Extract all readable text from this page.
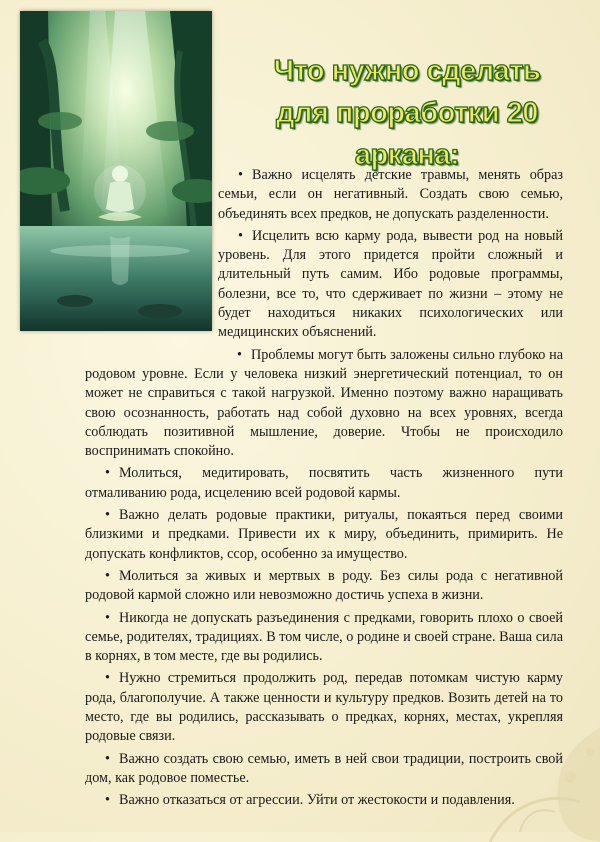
Что нужно сделать
для проработки 20 аркана:

• Важно исцелять детские травмы, менять образ семьи, если он негативный. Создать свою семью, объединять всех предков, не допускать разделенности.

• Исцелить всю карму рода, вывести род на новый уровень. Для этого придется пройти сложный и длительный путь самим. Ибо родовые программы, болезни, все то, что сдерживает по жизни – этому не будет находиться никаких психологических или медицинских объяснений.

• Проблемы могут быть заложены сильно глубоко на родовом уровне. Если у человека низкий энергетический потенциал, то он может не справиться с такой нагрузкой. Именно поэтому важно наращивать свою осознанность, работать над собой духовно на всех уровнях, всегда соблюдать позитивной мышление, доверие. Чтобы не происходило воспринимать спокойно.

• Молиться, медитировать, посвятить часть жизненного пути отмаливанию рода, исцелению всей родовой кармы.

• Важно делать родовые практики, ритуалы, покаяться перед своими близкими и предками. Привести их к миру, объединить, примирить. Не допускать конфликтов, ссор, особенно за имущество.

• Молиться за живых и мертвых в роду. Без силы рода с негативной родовой кармой сложно или невозможно достичь успеха в жизни.

• Никогда не допускать разъединения с предками, говорить плохо о своей семье, родителях, традициях. В том числе, о родине и своей стране. Ваша сила в корнях, в том месте, где вы родились.

• Нужно стремиться продолжить род, передав потомкам чистую карму рода, благополучие. А также ценности и культуру предков. Возить детей на то место, где вы родились, рассказывать о предках, корнях, местах, укрепляя родовые связи.

• Важно создать свою семью, иметь в ней свои традиции, построить свой дом, как родовое поместье.

• Важно отказаться от агрессии. Уйти от жестокости и подавления.
